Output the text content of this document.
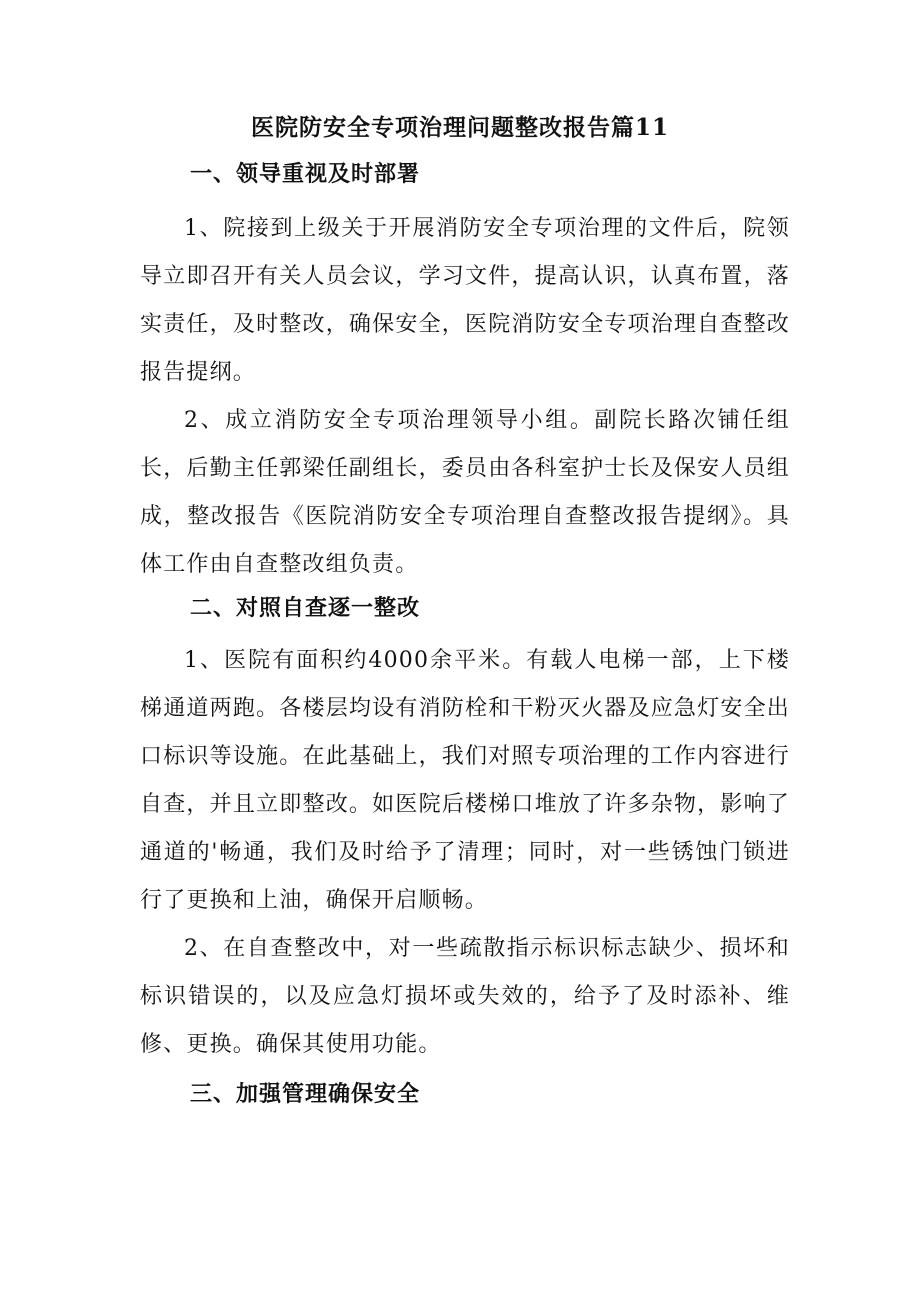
医院防安全专项治理问题整改报告篇11
一、领导重视及时部署
1、院接到上级关于开展消防安全专项治理的文件后，院领导立即召开有关人员会议，学习文件，提高认识，认真布置，落实责任，及时整改，确保安全，医院消防安全专项治理自查整改报告提纲。
2、成立消防安全专项治理领导小组。副院长路次铺任组长，后勤主任郭梁任副组长，委员由各科室护士长及保安人员组成，整改报告《医院消防安全专项治理自查整改报告提纲》。具体工作由自查整改组负责。
二、对照自查逐一整改
1、医院有面积约4000余平米。有载人电梯一部，上下楼梯通道两跑。各楼层均设有消防栓和干粉灭火器及应急灯安全出口标识等设施。在此基础上，我们对照专项治理的工作内容进行自查，并且立即整改。如医院后楼梯口堆放了许多杂物，影响了通道的'畅通，我们及时给予了清理；同时，对一些锈蚀门锁进行了更换和上油，确保开启顺畅。
2、在自查整改中，对一些疏散指示标识标志缺少、损坏和标识错误的，以及应急灯损坏或失效的，给予了及时添补、维修、更换。确保其使用功能。
三、加强管理确保安全
